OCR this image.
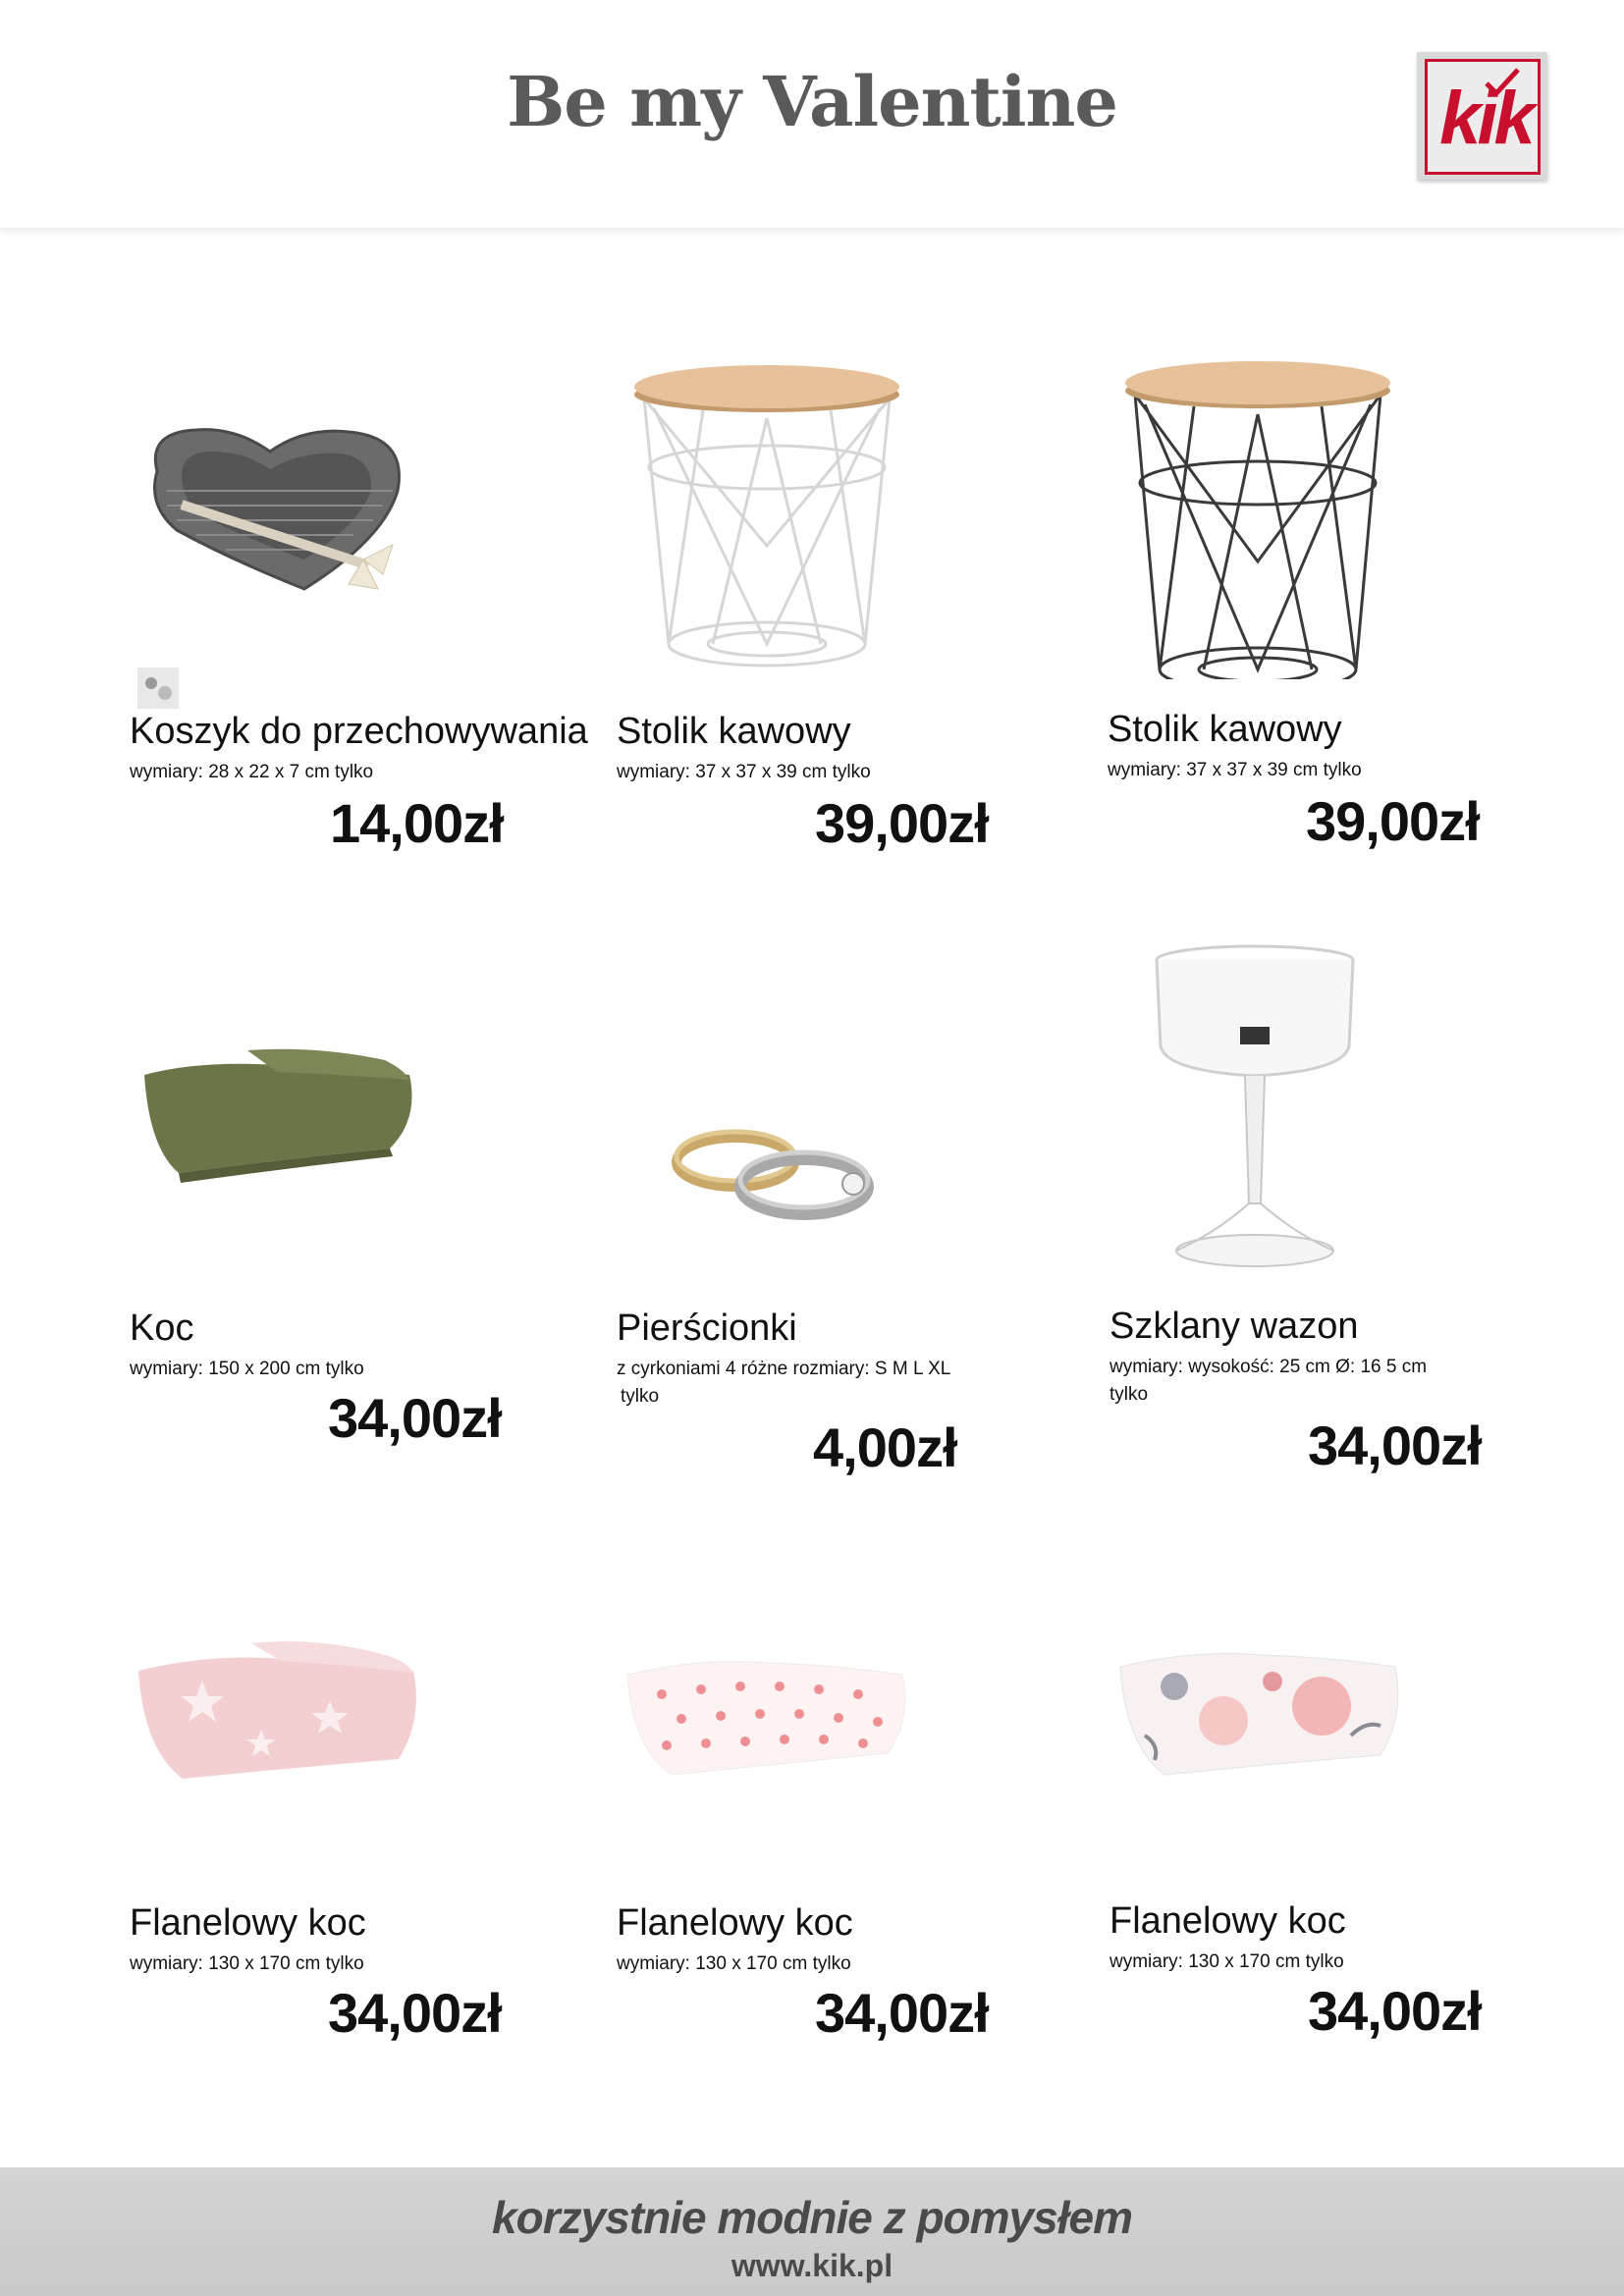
Be my Valentine	kik
Koszyk do przechowywania
wymiary: 28 x 22 x 7 cm tylko
14,00zł
Stolik kawowy
wymiary: 37 x 37 x 39 cm tylko
39,00zł
Stolik kawowy
wymiary: 37 x 37 x 39 cm tylko
39,00zł
Koc
wymiary: 150 x 200 cm tylko
34,00zł
Pierścionki
z cyrkoniami 4 różne rozmiary: S M L XL
tylko
4,00zł
Szklany wazon
wymiary: wysokość: 25 cm Ø: 16 5 cm
tylko
34,00zł
Flanelowy koc
wymiary: 130 x 170 cm tylko
34,00zł
Flanelowy koc
wymiary: 130 x 170 cm tylko
34,00zł
Flanelowy koc
wymiary: 130 x 170 cm tylko
34,00zł
korzystnie modnie z pomysłem
www.kik.pl
